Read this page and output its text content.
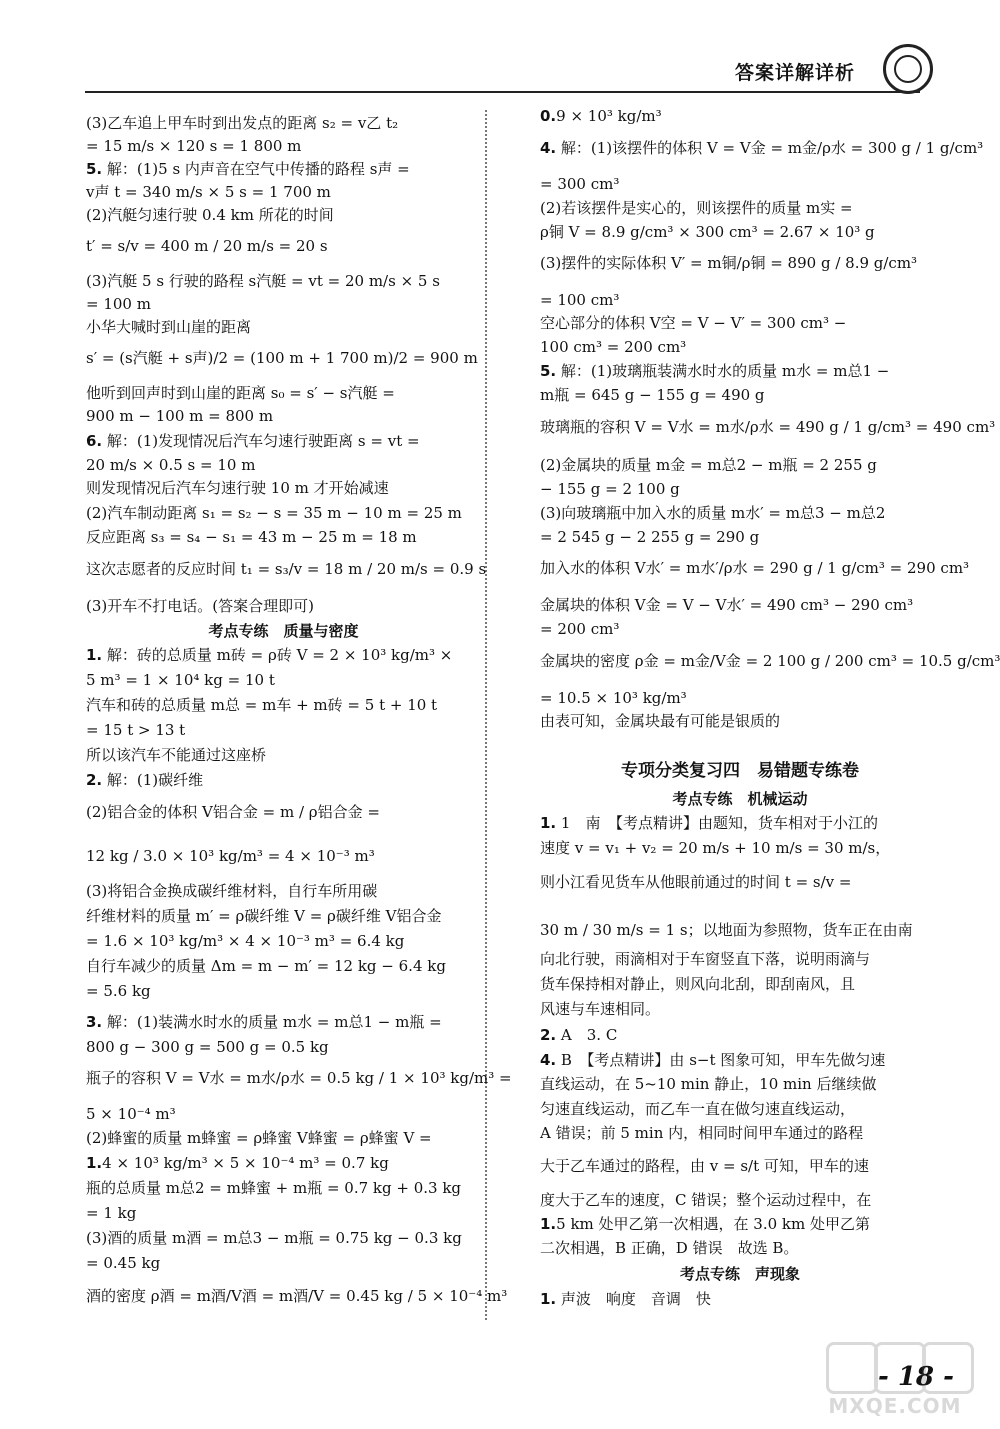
答案详解详析
(3)乙车追上甲车时到出发点的距离 s₂ = v乙 t₂
= 15 m/s × 120 s = 1 800 m
5. 解：(1)5 s 内声音在空气中传播的路程 s声 =
v声 t = 340 m/s × 5 s = 1 700 m
(2)汽艇匀速行驶 0.4 km 所花的时间
t′ = s/v = 400 m / 20 m/s = 20 s
(3)汽艇 5 s 行驶的路程 s汽艇 = vt = 20 m/s × 5 s
= 100 m
小华大喊时到山崖的距离
s′ = (s汽艇 + s声)/2 = (100 m + 1 700 m)/2 = 900 m
他听到回声时到山崖的距离 s₀ = s′ − s汽艇 =
900 m − 100 m = 800 m
6. 解：(1)发现情况后汽车匀速行驶距离 s = vt =
20 m/s × 0.5 s = 10 m
则发现情况后汽车匀速行驶 10 m 才开始减速
(2)汽车制动距离 s₁ = s₂ − s = 35 m − 10 m = 25 m
反应距离 s₃ = s₄ − s₁ = 43 m − 25 m = 18 m
这次志愿者的反应时间 t₁ = s₃/v = 18 m / 20 m/s = 0.9 s
(3)开车不打电话。(答案合理即可)
考点专练　质量与密度
1. 解：砖的总质量 m砖 = ρ砖 V = 2 × 10³ kg/m³ ×
5 m³ = 1 × 10⁴ kg = 10 t
汽车和砖的总质量 m总 = m车 + m砖 = 5 t + 10 t
= 15 t > 13 t
所以该汽车不能通过这座桥
2. 解：(1)碳纤维
(2)铝合金的体积 V铝合金 = m / ρ铝合金 =
12 kg / 3.0 × 10³ kg/m³ = 4 × 10⁻³ m³
(3)将铝合金换成碳纤维材料，自行车所用碳
纤维材料的质量 m′ = ρ碳纤维 V = ρ碳纤维 V铝合金
= 1.6 × 10³ kg/m³ × 4 × 10⁻³ m³ = 6.4 kg
自行车减少的质量 Δm = m − m′ = 12 kg − 6.4 kg
= 5.6 kg
3. 解：(1)装满水时水的质量 m水 = m总1 − m瓶 =
800 g − 300 g = 500 g = 0.5 kg
瓶子的容积 V = V水 = m水/ρ水 = 0.5 kg / 1 × 10³ kg/m³ =
5 × 10⁻⁴ m³
(2)蜂蜜的质量 m蜂蜜 = ρ蜂蜜 V蜂蜜 = ρ蜂蜜 V =
1.4 × 10³ kg/m³ × 5 × 10⁻⁴ m³ = 0.7 kg
瓶的总质量 m总2 = m蜂蜜 + m瓶 = 0.7 kg + 0.3 kg
= 1 kg
(3)酒的质量 m酒 = m总3 − m瓶 = 0.75 kg − 0.3 kg
= 0.45 kg
酒的密度 ρ酒 = m酒/V酒 = m酒/V = 0.45 kg / 5 × 10⁻⁴ m³
0.9 × 10³ kg/m³
4. 解：(1)该摆件的体积 V = V金 = m金/ρ水 = 300 g / 1 g/cm³
= 300 cm³
(2)若该摆件是实心的，则该摆件的质量 m实 =
ρ铜 V = 8.9 g/cm³ × 300 cm³ = 2.67 × 10³ g
(3)摆件的实际体积 V′ = m铜/ρ铜 = 890 g / 8.9 g/cm³
= 100 cm³
空心部分的体积 V空 = V − V′ = 300 cm³ −
100 cm³ = 200 cm³
5. 解：(1)玻璃瓶装满水时水的质量 m水 = m总1 −
m瓶 = 645 g − 155 g = 490 g
玻璃瓶的容积 V = V水 = m水/ρ水 = 490 g / 1 g/cm³ = 490 cm³
(2)金属块的质量 m金 = m总2 − m瓶 = 2 255 g
− 155 g = 2 100 g
(3)向玻璃瓶中加入水的质量 m水′ = m总3 − m总2
= 2 545 g − 2 255 g = 290 g
加入水的体积 V水′ = m水′/ρ水 = 290 g / 1 g/cm³ = 290 cm³
金属块的体积 V金 = V − V水′ = 490 cm³ − 290 cm³
= 200 cm³
金属块的密度 ρ金 = m金/V金 = 2 100 g / 200 cm³ = 10.5 g/cm³
= 10.5 × 10³ kg/m³
由表可知，金属块最有可能是银质的
专项分类复习四　易错题专练卷
考点专练　机械运动
1. 1　南　【考点精讲】由题知，货车相对于小江的
速度 v = v₁ + v₂ = 20 m/s + 10 m/s = 30 m/s，
则小江看见货车从他眼前通过的时间 t = s/v =
30 m / 30 m/s = 1 s；以地面为参照物，货车正在由南
向北行驶，雨滴相对于车窗竖直下落，说明雨滴与
货车保持相对静止，则风向北刮，即刮南风，且
风速与车速相同。
2. A　3. C
4. B　【考点精讲】由 s−t 图象可知，甲车先做匀速
直线运动，在 5~10 min 静止，10 min 后继续做
匀速直线运动，而乙车一直在做匀速直线运动，
A 错误；前 5 min 内，相同时间甲车通过的路程
大于乙车通过的路程，由 v = s/t 可知，甲车的速
度大于乙车的速度，C 错误；整个运动过程中，在
1.5 km 处甲乙第一次相遇，在 3.0 km 处甲乙第
二次相遇，B 正确，D 错误　故选 B。
考点专练　声现象
1. 声波　响度　音调　快
- 18 -
MXQE.COM
